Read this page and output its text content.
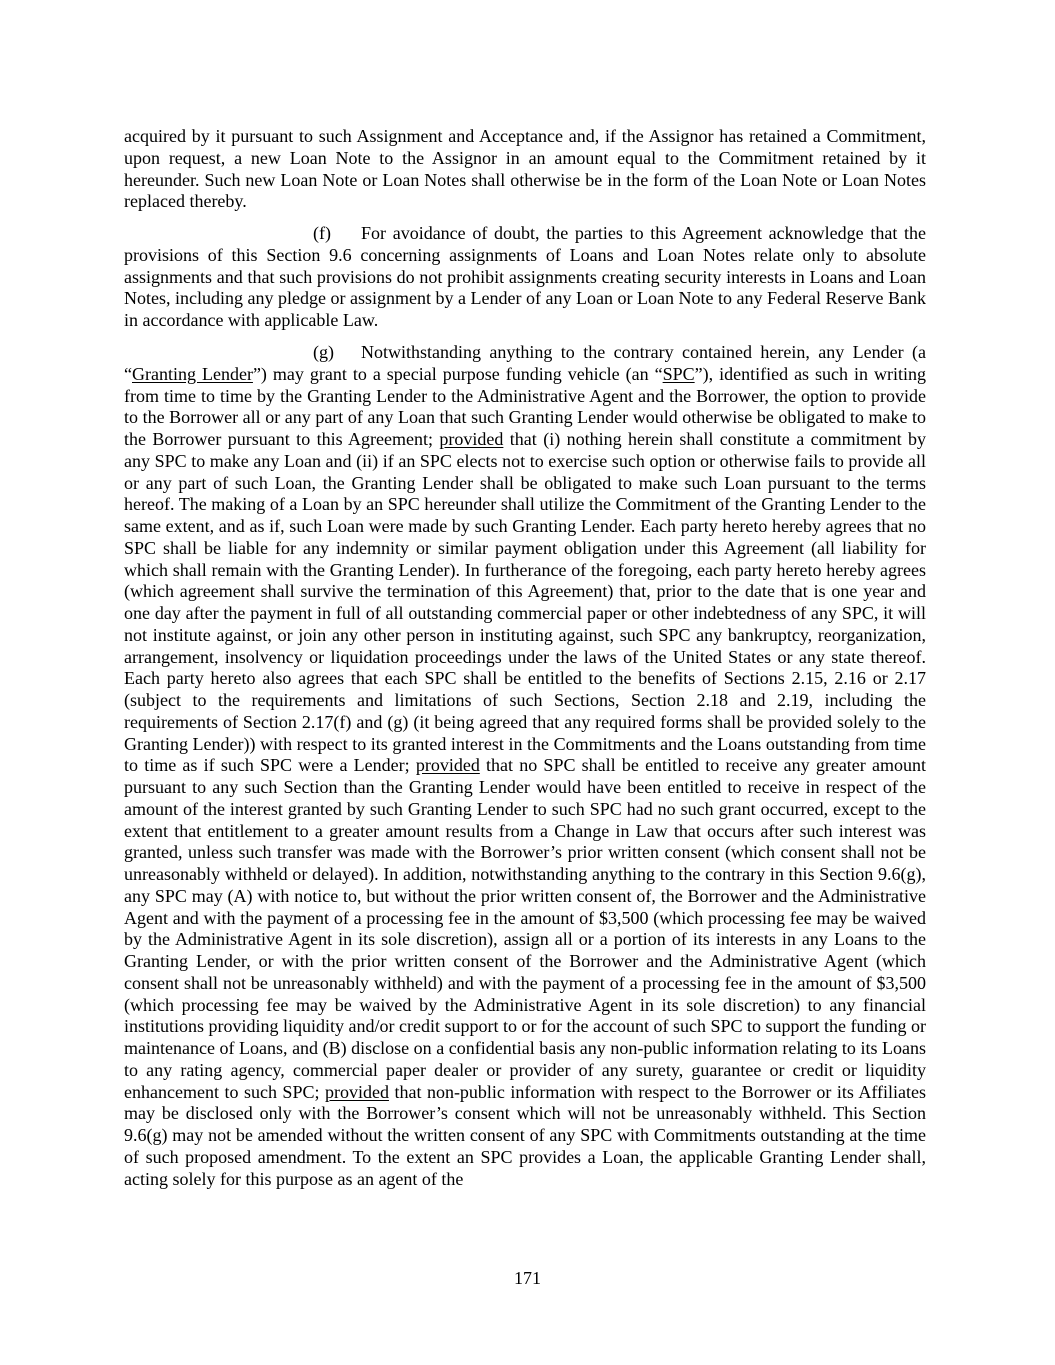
acquired by it pursuant to such Assignment and Acceptance and, if the Assignor has retained a Commitment, upon request, a new Loan Note to the Assignor in an amount equal to the Commitment retained by it hereunder. Such new Loan Note or Loan Notes shall otherwise be in the form of the Loan Note or Loan Notes replaced thereby.

(f) For avoidance of doubt, the parties to this Agreement acknowledge that the provisions of this Section 9.6 concerning assignments of Loans and Loan Notes relate only to absolute assignments and that such provisions do not prohibit assignments creating security interests in Loans and Loan Notes, including any pledge or assignment by a Lender of any Loan or Loan Note to any Federal Reserve Bank in accordance with applicable Law.

(g) Notwithstanding anything to the contrary contained herein, any Lender (a “Granting Lender”) may grant to a special purpose funding vehicle (an “SPC”), identified as such in writing from time to time by the Granting Lender to the Administrative Agent and the Borrower, the option to provide to the Borrower all or any part of any Loan that such Granting Lender would otherwise be obligated to make to the Borrower pursuant to this Agreement; provided that (i) nothing herein shall constitute a commitment by any SPC to make any Loan and (ii) if an SPC elects not to exercise such option or otherwise fails to provide all or any part of such Loan, the Granting Lender shall be obligated to make such Loan pursuant to the terms hereof. The making of a Loan by an SPC hereunder shall utilize the Commitment of the Granting Lender to the same extent, and as if, such Loan were made by such Granting Lender. Each party hereto hereby agrees that no SPC shall be liable for any indemnity or similar payment obligation under this Agreement (all liability for which shall remain with the Granting Lender). In furtherance of the foregoing, each party hereto hereby agrees (which agreement shall survive the termination of this Agreement) that, prior to the date that is one year and one day after the payment in full of all outstanding commercial paper or other indebtedness of any SPC, it will not institute against, or join any other person in instituting against, such SPC any bankruptcy, reorganization, arrangement, insolvency or liquidation proceedings under the laws of the United States or any state thereof. Each party hereto also agrees that each SPC shall be entitled to the benefits of Sections 2.15, 2.16 or 2.17 (subject to the requirements and limitations of such Sections, Section 2.18 and 2.19, including the requirements of Section 2.17(f) and (g) (it being agreed that any required forms shall be provided solely to the Granting Lender)) with respect to its granted interest in the Commitments and the Loans outstanding from time to time as if such SPC were a Lender; provided that no SPC shall be entitled to receive any greater amount pursuant to any such Section than the Granting Lender would have been entitled to receive in respect of the amount of the interest granted by such Granting Lender to such SPC had no such grant occurred, except to the extent that entitlement to a greater amount results from a Change in Law that occurs after such interest was granted, unless such transfer was made with the Borrower’s prior written consent (which consent shall not be unreasonably withheld or delayed). In addition, notwithstanding anything to the contrary in this Section 9.6(g), any SPC may (A) with notice to, but without the prior written consent of, the Borrower and the Administrative Agent and with the payment of a processing fee in the amount of $3,500 (which processing fee may be waived by the Administrative Agent in its sole discretion), assign all or a portion of its interests in any Loans to the Granting Lender, or with the prior written consent of the Borrower and the Administrative Agent (which consent shall not be unreasonably withheld) and with the payment of a processing fee in the amount of $3,500 (which processing fee may be waived by the Administrative Agent in its sole discretion) to any financial institutions providing liquidity and/or credit support to or for the account of such SPC to support the funding or maintenance of Loans, and (B) disclose on a confidential basis any non-public information relating to its Loans to any rating agency, commercial paper dealer or provider of any surety, guarantee or credit or liquidity enhancement to such SPC; provided that non-public information with respect to the Borrower or its Affiliates may be disclosed only with the Borrower’s consent which will not be unreasonably withheld. This Section 9.6(g) may not be amended without the written consent of any SPC with Commitments outstanding at the time of such proposed amendment. To the extent an SPC provides a Loan, the applicable Granting Lender shall, acting solely for this purpose as an agent of the

171
